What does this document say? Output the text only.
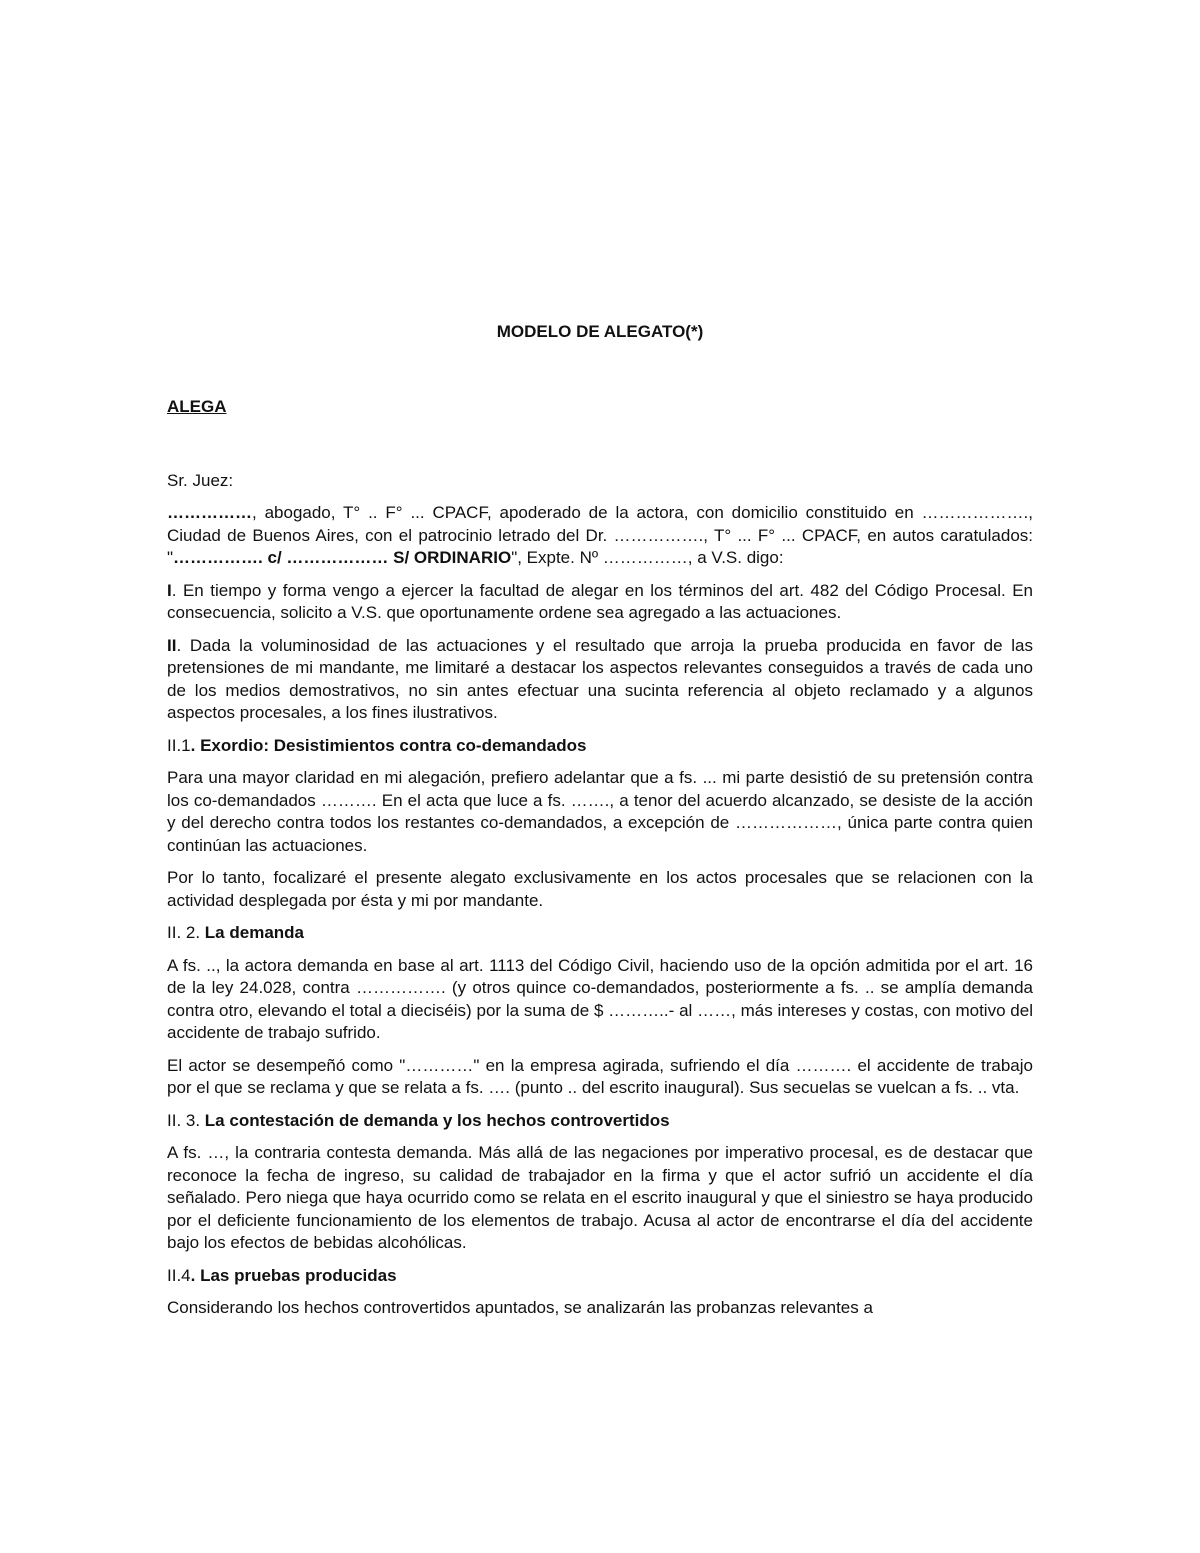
MODELO DE ALEGATO(*)
ALEGA
Sr. Juez:

……………, abogado, T° .. F° ... CPACF, apoderado de la actora, con domicilio constituido en ………………., Ciudad de Buenos Aires, con el patrocinio letrado del Dr. ……………., T° ... F° ... CPACF, en autos caratulados: "……………. c/ ……………… S/ ORDINARIO", Expte. Nº ……………, a V.S. digo:

I. En tiempo y forma vengo a ejercer la facultad de alegar en los términos del art. 482 del Código Procesal. En consecuencia, solicito a V.S. que oportunamente ordene sea agregado a las actuaciones.

II. Dada la voluminosidad de las actuaciones y el resultado que arroja la prueba producida en favor de las pretensiones de mi mandante, me limitaré a destacar los aspectos relevantes conseguidos a través de cada uno de los medios demostrativos, no sin antes efectuar una sucinta referencia al objeto reclamado y a algunos aspectos procesales, a los fines ilustrativos.

II.1. Exordio: Desistimientos contra co-demandados

Para una mayor claridad en mi alegación, prefiero adelantar que a fs. ... mi parte desistió de su pretensión contra los co-demandados ………. En el acta que luce a fs. ……., a tenor del acuerdo alcanzado, se desiste de la acción y del derecho contra todos los restantes co-demandados, a excepción de ………………, única parte contra quien continúan las actuaciones.

Por lo tanto, focalizaré el presente alegato exclusivamente en los actos procesales que se relacionen con la actividad desplegada por ésta y mi por mandante.

II. 2. La demanda

A fs. .., la actora demanda en base al art. 1113 del Código Civil, haciendo uso de la opción admitida por el art. 16 de la ley 24.028, contra ……………. (y otros quince co-demandados, posteriormente a fs. .. se amplía demanda contra otro, elevando el total a dieciséis) por la suma de $ ………..- al ……, más intereses y costas, con motivo del accidente de trabajo sufrido.

El actor se desempeñó como "…………" en la empresa agirada, sufriendo el día ………. el accidente de trabajo por el que se reclama y que se relata a fs. …. (punto .. del escrito inaugural). Sus secuelas se vuelcan a fs. .. vta.

II. 3. La contestación de demanda y los hechos controvertidos

A fs. …, la contraria contesta demanda. Más allá de las negaciones por imperativo procesal, es de destacar que reconoce la fecha de ingreso, su calidad de trabajador en la firma y que el actor sufrió un accidente el día señalado. Pero niega que haya ocurrido como se relata en el escrito inaugural y que el siniestro se haya producido por el deficiente funcionamiento de los elementos de trabajo. Acusa al actor de encontrarse el día del accidente bajo los efectos de bebidas alcohólicas.

II.4. Las pruebas producidas

Considerando los hechos controvertidos apuntados, se analizarán las probanzas relevantes a
